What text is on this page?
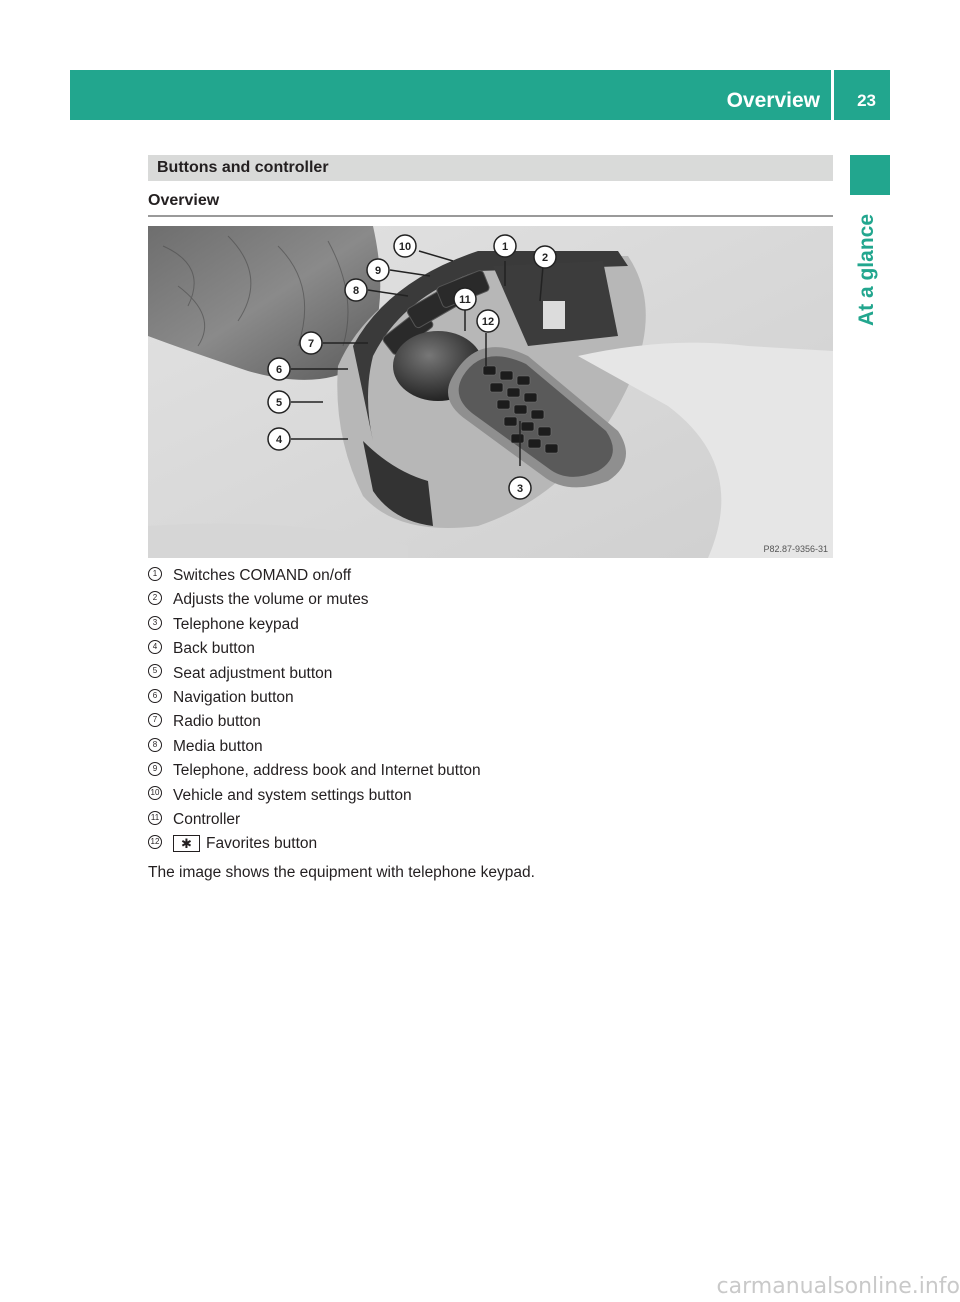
Overview 23
At a glance
Buttons and controller
Overview
1
2
3
4
5
6
7
8
9
10
11
12
P82.87-9356-31
1 Switches COMAND on/off
2 Adjusts the volume or mutes
3 Telephone keypad
4 Back button
5 Seat adjustment button
6 Navigation button
7 Radio button
8 Media button
9 Telephone, address book and Internet button
10 Vehicle and system settings button
11 Controller
12 ✱ Favorites button
The image shows the equipment with telephone keypad.
carmanualsonline.info
